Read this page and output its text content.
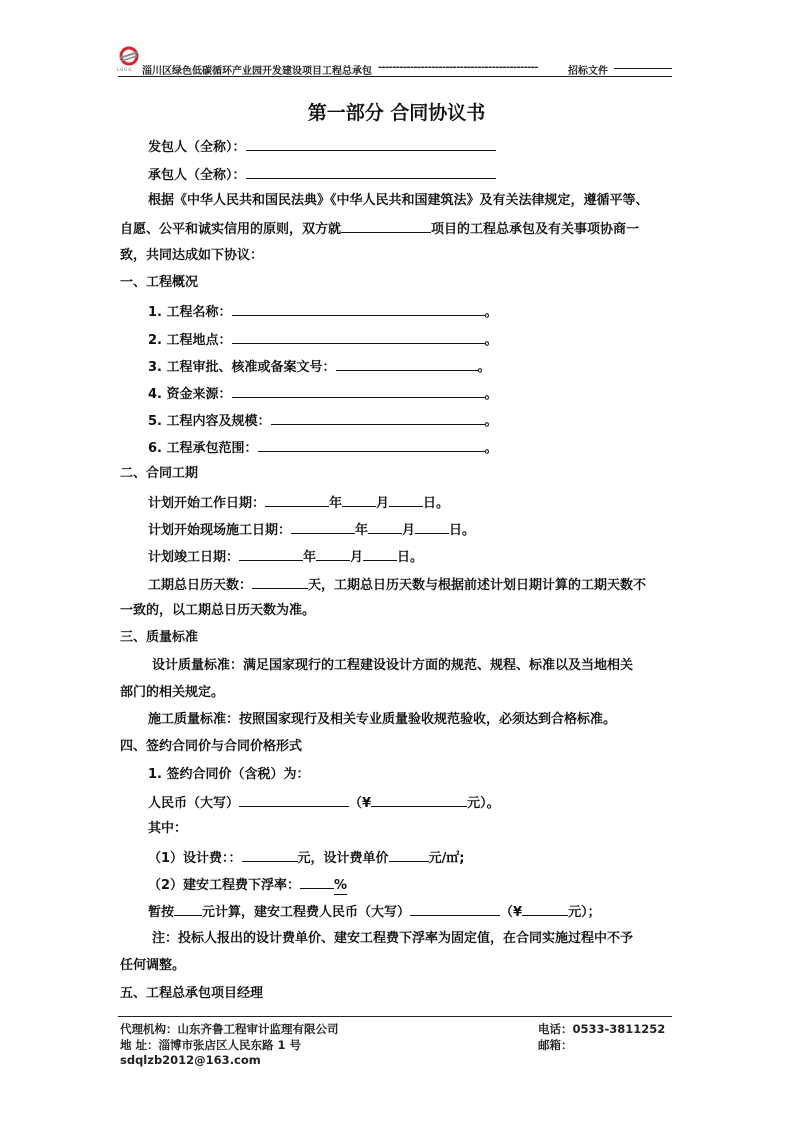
LOGO 淄川区绿色低碳循环产业园开发建设项目工程总承包 ---------------------------------------------	招标文件
第一部分 合同协议书
发包人（全称）：
承包人（全称）：
根据《中华人民共和国民法典》《中华人民共和国建筑法》及有关法律规定，遵循平等、
自愿、公平和诚实信用的原则，双方就	项目的工程总承包及有关事项协商一
致，共同达成如下协议：
一、工程概况
1. 工程名称：	。
2. 工程地点：	。
3. 工程审批、核准或备案文号：	。
4. 资金来源：	。
5. 工程内容及规模：	。
6. 工程承包范围：	。
二、合同工期
计划开始工作日期：	年	月	日。
计划开始现场施工日期：	年	月	日。
计划竣工日期：	年	月	日。
工期总日历天数：	天，工期总日历天数与根据前述计划日期计算的工期天数不
一致的，以工期总日历天数为准。
三、质量标准
设计质量标准：满足国家现行的工程建设设计方面的规范、规程、标准以及当地相关
部门的相关规定。
施工质量标准：按照国家现行及相关专业质量验收规范验收，必须达到合格标准。
四、签约合同价与合同价格形式
1. 签约合同价（含税）为：
人民币（大写）	（¥	元）。
其中：
（1）设计费：：	元，设计费单价	元/㎡;
（2）建安工程费下浮率：	%
暂按 元计算，建安工程费人民币（大写）	（¥	元）；
注：投标人报出的设计费单价、建安工程费下浮率为固定值，在合同实施过程中不予
任何调整。
五、工程总承包项目经理
代理机构：山东齐鲁工程审计监理有限公司	电话：0533-3811252
地 址：淄博市张店区人民东路 1 号	邮箱：
sdqlzb2012@163.com
